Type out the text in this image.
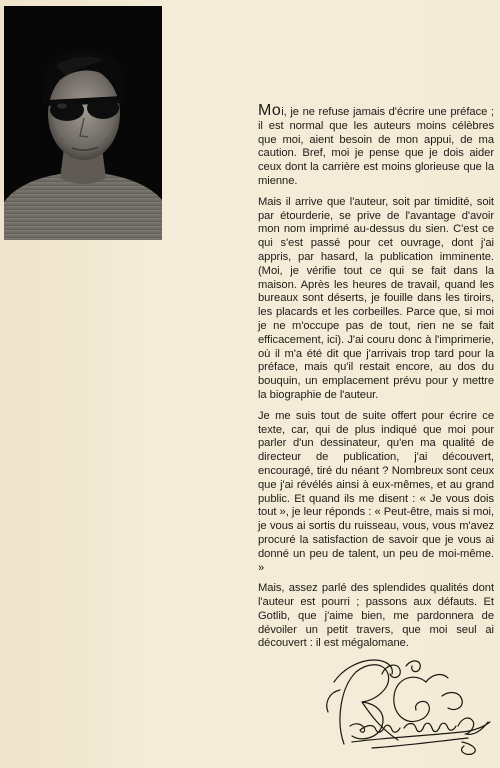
Moi, je ne refuse jamais d'écrire une préface ; il est normal que les auteurs moins célèbres que moi, aient besoin de mon appui, de ma caution. Bref, moi je pense que je dois aider ceux dont la carrière est moins glorieuse que la mienne.

Mais il arrive que l'auteur, soit par timidité, soit par étourderie, se prive de l'avantage d'avoir mon nom imprimé au-dessus du sien. C'est ce qui s'est passé pour cet ouvrage, dont j'ai appris, par hasard, la publication imminente. (Moi, je vérifie tout ce qui se fait dans la maison. Après les heures de travail, quand les bureaux sont déserts, je fouille dans les tiroirs, les placards et les corbeilles. Parce que, si moi je ne m'occupe pas de tout, rien ne se fait efficacement, ici). J'ai couru donc à l'imprimerie, où il m'a été dit que j'arrivais trop tard pour la préface, mais qu'il restait encore, au dos du bouquin, un emplacement prévu pour y mettre la biographie de l'auteur.

Je me suis tout de suite offert pour écrire ce texte, car, qui de plus indiqué que moi pour parler d'un dessinateur, qu'en ma qualité de directeur de publication, j'ai découvert, encouragé, tiré du néant ? Nombreux sont ceux que j'ai révélés ainsi à eux-mêmes, et au grand public. Et quand ils me disent : « Je vous dois tout », je leur réponds : « Peut-être, mais si moi, je vous ai sortis du ruisseau, vous, vous m'avez procuré la satisfaction de savoir que je vous ai donné un peu de talent, un peu de moi-même. »

Mais, assez parlé des splendides qualités dont l'auteur est pourri ; passons aux défauts. Et Gotlib, que j'aime bien, me pardonnera de dévoiler un petit travers, que moi seul ai découvert : il est mégalomane.
